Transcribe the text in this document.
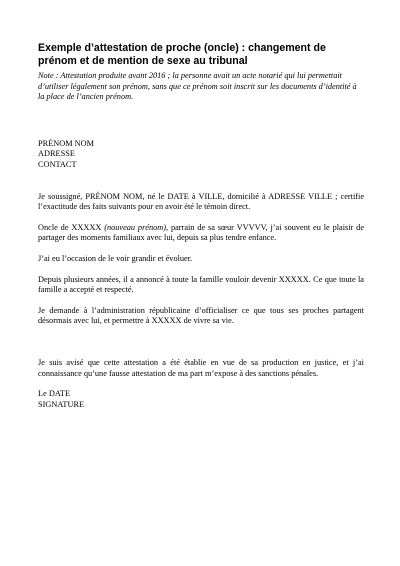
Exemple d’attestation de proche (oncle) : changement de prénom et de mention de sexe au tribunal

Note : Attestation produite avant 2016 ; la personne avait un acte notarié qui lui permettait d’utiliser légalement son prénom, sans que ce prénom soit inscrit sur les documents d’identité à la place de l’ancien prénom.

PRÉNOM NOM
ADRESSE
CONTACT

Je soussigné, PRÉNOM NOM, né le DATE à VILLE, domicilié à ADRESSE VILLE ; certifie l’exactitude des faits suivants pour en avoir été le témoin direct.

Oncle de XXXXX (nouveau prénom), parrain de sa sœur VVVVV, j’ai souvent eu le plaisir de partager des moments familiaux avec lui, depuis sa plus tendre enfance.

J’ai eu l’occasion de le voir grandir et évoluer.

Depuis plusieurs années, il a annoncé à toute la famille vouloir devenir XXXXX. Ce que toute la famille a accepté et respecté.

Je demande à l’administration républicaine d’officialiser ce que tous ses proches partagent désormais avec lui, et permettre à XXXXX de vivre sa vie.

Je suis avisé que cette attestation a été établie en vue de sa production en justice, et j’ai connaissance qu’une fausse attestation de ma part m’expose à des sanctions pénales.

Le DATE
SIGNATURE
